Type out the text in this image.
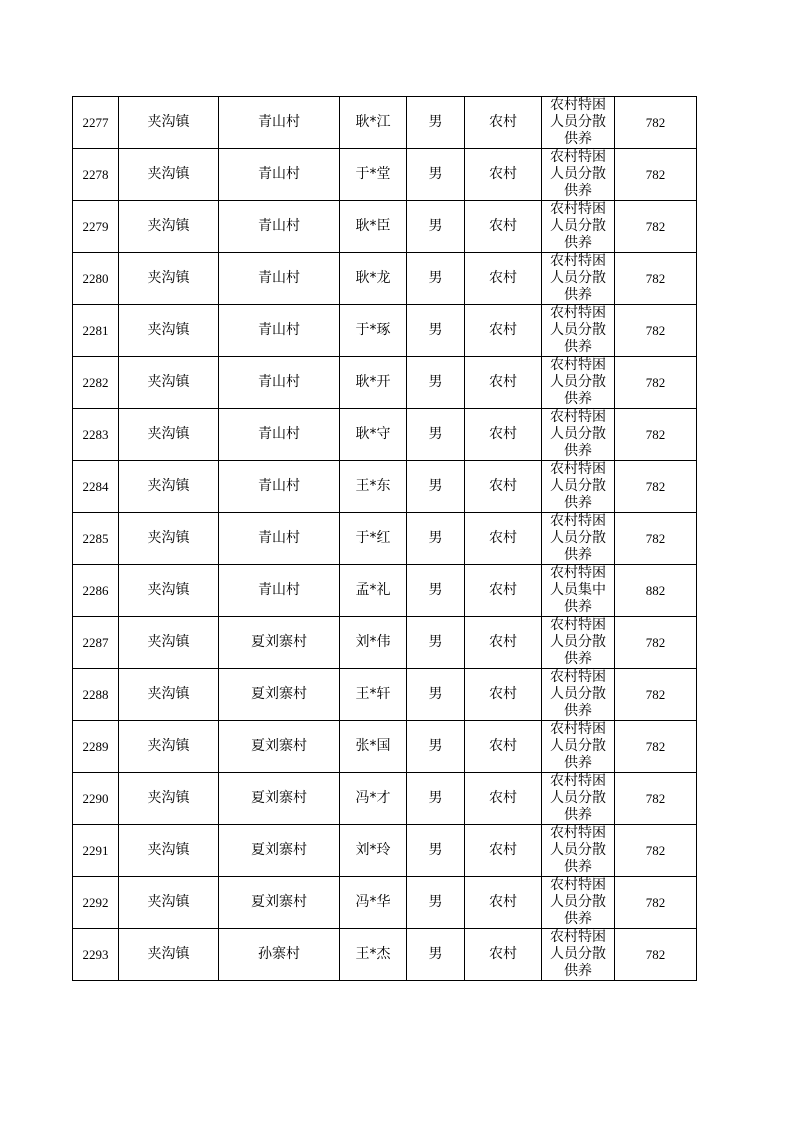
2277	夹沟镇	青山村	耿*江	男	农村	农村特困人员分散供养	782
2278	夹沟镇	青山村	于*堂	男	农村	农村特困人员分散供养	782
2279	夹沟镇	青山村	耿*臣	男	农村	农村特困人员分散供养	782
2280	夹沟镇	青山村	耿*龙	男	农村	农村特困人员分散供养	782
2281	夹沟镇	青山村	于*琢	男	农村	农村特困人员分散供养	782
2282	夹沟镇	青山村	耿*开	男	农村	农村特困人员分散供养	782
2283	夹沟镇	青山村	耿*守	男	农村	农村特困人员分散供养	782
2284	夹沟镇	青山村	王*东	男	农村	农村特困人员分散供养	782
2285	夹沟镇	青山村	于*红	男	农村	农村特困人员分散供养	782
2286	夹沟镇	青山村	孟*礼	男	农村	农村特困人员集中供养	882
2287	夹沟镇	夏刘寨村	刘*伟	男	农村	农村特困人员分散供养	782
2288	夹沟镇	夏刘寨村	王*轩	男	农村	农村特困人员分散供养	782
2289	夹沟镇	夏刘寨村	张*国	男	农村	农村特困人员分散供养	782
2290	夹沟镇	夏刘寨村	冯*才	男	农村	农村特困人员分散供养	782
2291	夹沟镇	夏刘寨村	刘*玲	男	农村	农村特困人员分散供养	782
2292	夹沟镇	夏刘寨村	冯*华	男	农村	农村特困人员分散供养	782
2293	夹沟镇	孙寨村	王*杰	男	农村	农村特困人员分散供养	782
